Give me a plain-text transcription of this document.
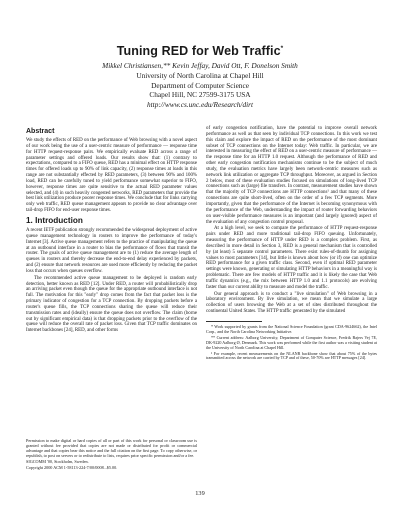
Tuning RED for Web Traffic*
Mikkel Christiansen,** Kevin Jeffay, David Ott, F. Donelson Smith
University of North Carolina at Chapel Hill
Department of Computer Science
Chapel Hill, NC 27599-3175 USA
http://www.cs.unc.edu/Research/dirt
Abstract

We study the effects of RED on the performance of Web browsing with a novel aspect of our work being the use of a user-centric measure of performance — response time for HTTP request-response pairs. We empirically evaluate RED across a range of parameter settings and offered loads. Our results show that: (1) contrary to expectations, compared to a FIFO queue, RED has a minimal effect on HTTP response times for offered loads up to 90% of link capacity, (2) response times at loads in this range are not substantially effected by RED parameters, (3) between 90% and 100% load, RED can be carefully tuned to yield performance somewhat superior to FIFO, however, response times are quite sensitive to the actual RED parameter values selected, and (4) in such heavily congested networks, RED parameters that provide the best link utilization produce poorer response times. We conclude that for links carrying only web traffic, RED queue management appears to provide no clear advantage over tail-drop FIFO for end-user response times.

1. Introduction

A recent IETF publication strongly recommended the widespread deployment of active queue management technology in routers to improve the performance of today's Internet [3]. Active queue management refers to the practice of manipulating the queue at an outbound interface in a router to bias the performance of flows that transit the router. The goals of active queue management are to (1) reduce the average length of queues in routers and thereby decrease the end-to-end delay experienced by packets, and (2) ensure that network resources are used more efficiently by reducing the packet loss that occurs when queues overflow.

The recommended active queue management to be deployed is random early detection, better known as RED [12]. Under RED, a router will probabilistically drop an arriving packet even though the queue for the appropriate outbound interface is not full. The motivation for this "early" drop comes from the fact that packet loss is the primary indicator of congestion for a TCP connection. By dropping packets before a router's queue fills, the TCP connections sharing the queue will reduce their transmission rates and (ideally) ensure the queue does not overflow. The claim (borne out by significant empirical data) is that dropping packets prior to the overflow of the queue will reduce the overall rate of packet loss. Given that TCP traffic dominates on Internet backbones [24], RED, and other forms

Permission to make digital or hard copies of all or part of this work for personal or classroom use is granted without fee provided that copies are not made or distributed for profit or commercial advantage and that copies bear this notice and the full citation on the first page. To copy otherwise, or republish, to post on servers or to redistribute to lists, requires prior specific permission and/or a fee.

SIGCOMM '00, Stockholm, Sweden.

Copyright 2000 ACM 1-58113-224-7/00/0008...$5.00.

of early congestion notification, have the potential to improve overall network performance as well as that seen by individual TCP connections. In this work we test this claim and explore the impact of RED on the performance of the most dominant subset of TCP connections on the Internet today: Web traffic. In particular, we are interested in measuring the effect of RED on a user-centric measure of performance — the response time for an HTTP 1.0 request. Although the performance of RED and other early congestion notification mechanisms continue to be the subject of much study, the evaluation metrics have largely been network-centric measures such as network link utilization or aggregate TCP throughput. Moreover, as argued in Section 2 below, most of these evaluation studies focused on simulations of long-lived TCP connections such as (large) file transfers. In contrast, measurement studies have shown that the majority of TCP connections are HTTP connections¹ and that many of these connections are quite short-lived, often on the order of a few TCP segments. More importantly, given that the performance of the Internet is becoming synonymous with the performance of the Web, understanding the impact of router forwarding behaviors on user-visible performance measures is an important (and largely ignored) aspect of the evaluation of any congestion control proposal.

At a high level, we seek to compare the performance of HTTP request-response pairs under RED and more traditional tail-drop FIFO queuing. Unfortunately, measuring the performance of HTTP under RED is a complex problem. First, as described in more detail in Section 3, RED is a general mechanism that is controlled by (at least) 5 separate control parameters. There exist rules-of-thumb for assigning values to most parameters [14], but little is known about how (or if) one can optimize RED performance for a given traffic class. Second, even if optimal RED parameter settings were known, generating or simulating HTTP behaviors in a meaningful way is problematic. There are few models of HTTP traffic and it is likely the case that Web traffic dynamics (e.g., the mix between HTTP 1.0 and 1.1 protocols) are evolving faster than our current ability to measure and model the traffic.

Our general approach is to conduct a "live simulation" of Web browsing in a laboratory environment. By live simulation, we mean that we simulate a large collection of users browsing the Web at a set of sites distributed throughout the continental United States. The HTTP traffic generated by the simulated

* Work supported by grants from the National Science Foundation (grant CDA-9624662), the Intel Corp., and the North Carolina Networking Initiative.

** Current address: Aalborg University, Department of Computer Science, Fredrik Bajers Vej 7E, DK-9220 Aalborg Ø, Denmark. This work was performed while the first author was a visiting student at the University of North Carolina at Chapel Hill.

¹ For example, recent measurements on the NLANR backbone show that about 75% of the bytes transmitted across the network are carried by TCP and of these, 50-70% are HTTP messages [24].

139
